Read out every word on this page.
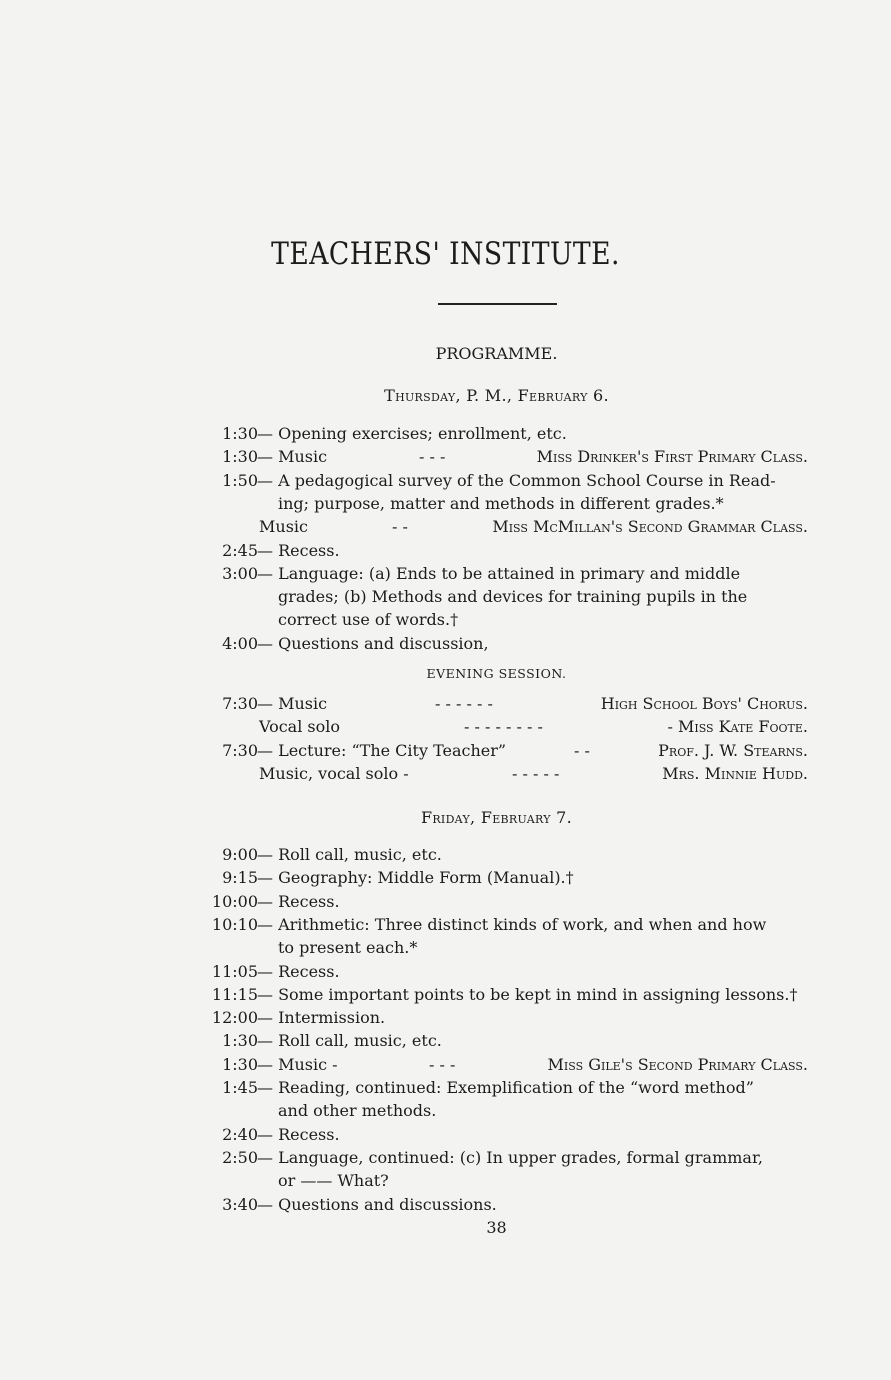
TEACHERS' INSTITUTE.
PROGRAMME.
Thursday, P. M., February 6.
1:30 — Opening exercises; enrollment, etc.
1:30 — Music	Miss Drinker's First Primary Class.
- - -
1:50 — A pedagogical survey of the Common School Course in Read-
ing; purpose, matter and methods in different grades.*
Music	Miss McMillan's Second Grammar Class.
- -
2:45 — Recess.
3:00 — Language: (a) Ends to be attained in primary and middle
grades; (b) Methods and devices for training pupils in the
correct use of words.†
4:00 — Questions and discussion,
EVENING SESSION.
7:30 — Music	High School Boys' Chorus.
- - - - - -
Vocal solo	- Miss Kate Foote.
- - - - - - - -
7:30 — Lecture: “The City Teacher”	Prof. J. W. Stearns.
- -
Music, vocal solo -	Mrs. Minnie Hudd.
- - - - -
Friday, February 7.
9:00 — Roll call, music, etc.
9:15 — Geography: Middle Form (Manual).†
10:00 — Recess.
10:10 — Arithmetic: Three distinct kinds of work, and when and how
to present each.*
11:05 — Recess.
11:15 — Some important points to be kept in mind in assigning lessons.†
12:00 — Intermission.
1:30 — Roll call, music, etc.
1:30 — Music -	Miss Gile's Second Primary Class.
- - -
1:45 — Reading, continued: Exemplification of the “word method”
and other methods.
2:40 — Recess.
2:50 — Language, continued: (c) In upper grades, formal grammar,
or —— What?
3:40 — Questions and discussions.
38
